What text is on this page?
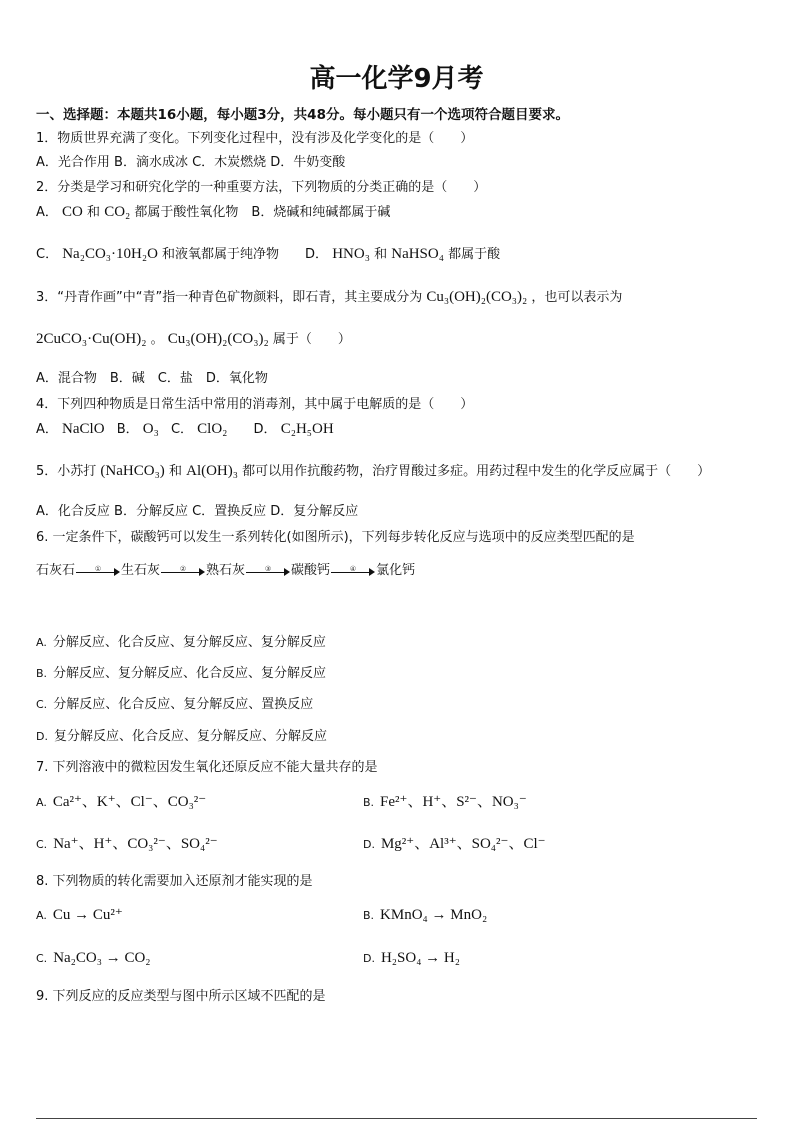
高一化学9月考
一、选择题：本题共16小题，每小题3分，共48分。每小题只有一个选项符合题目要求。
1．物质世界充满了变化。下列变化过程中，没有涉及化学变化的是（　　）
A．光合作用 B．滴水成冰 C．木炭燃烧 D．牛奶变酸
2．分类是学习和研究化学的一种重要方法，下列物质的分类正确的是（　　）
A． CO 和 CO₂ 都属于酸性氧化物　B．烧碱和纯碱都属于碱
C． Na₂CO₃·10H₂O 和液氧都属于纯净物　　D． HNO₃ 和 NaHSO₄ 都属于酸
3．“丹青作画”中“青”指一种青色矿物颜料，即石青，其主要成分为 Cu₃(OH)₂(CO₃)₂ ，也可以表示为
2CuCO₃·Cu(OH)₂ 。 Cu₃(OH)₂(CO₃)₂ 属于（　　）
A．混合物　B．碱　C．盐　D．氧化物
4．下列四种物质是日常生活中常用的消毒剂，其中属于电解质的是（　　）
A． NaClO B． O₃ C． ClO₂ D． C₂H₅OH
5．小苏打 (NaHCO₃) 和 Al(OH)₃ 都可以用作抗酸药物，治疗胃酸过多症。用药过程中发生的化学反应属于（　　）
A．化合反应 B．分解反应 C．置换反应 D．复分解反应
6. 一定条件下，碳酸钙可以发生一系列转化(如图所示)，下列每步转化反应与选项中的反应类型匹配的是
石灰石	①	生石灰	②	熟石灰	③	碳酸钙	④	氯化钙
A. 分解反应、化合反应、复分解反应、复分解反应
B. 分解反应、复分解反应、化合反应、复分解反应
C. 分解反应、化合反应、复分解反应、置换反应
D. 复分解反应、化合反应、复分解反应、分解反应
7. 下列溶液中的微粒因发生氧化还原反应不能大量共存的是
A. Ca²⁺、K⁺、Cl⁻、CO₃²⁻	B. Fe²⁺、H⁺、S²⁻、NO₃⁻
C. Na⁺、H⁺、CO₃²⁻、SO₄²⁻	D. Mg²⁺、Al³⁺、SO₄²⁻、Cl⁻
8. 下列物质的转化需要加入还原剂才能实现的是
A. Cu → Cu²⁺	B. KMnO₄ → MnO₂
C. Na₂CO₃ → CO₂	D. H₂SO₄ → H₂
9. 下列反应的反应类型与图中所示区域不匹配的是
